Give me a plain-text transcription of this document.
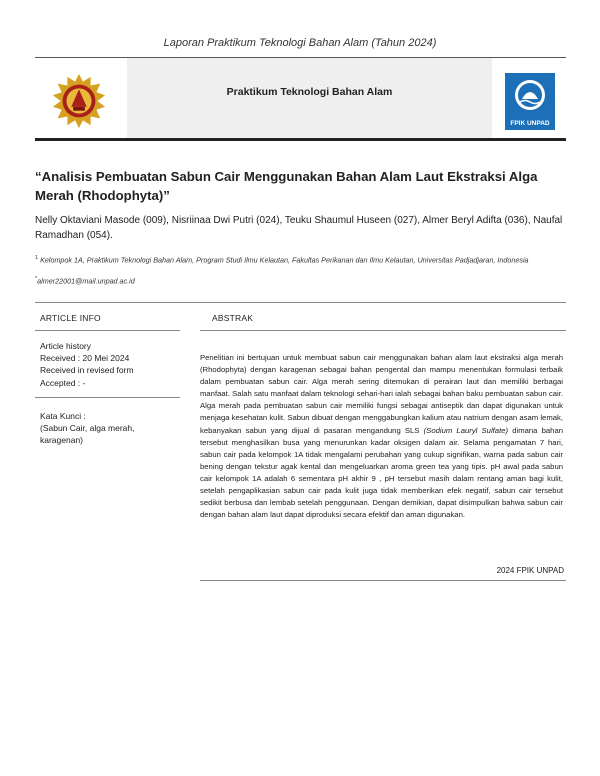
Laporan Praktikum Teknologi Bahan Alam (Tahun 2024)
Praktikum Teknologi Bahan Alam
FPIK UNPAD
“Analisis Pembuatan Sabun Cair Menggunakan Bahan Alam Laut Ekstraksi Alga Merah (Rhodophyta)”
Nelly Oktaviani Masode (009), Nisriinaa Dwi Putri (024), Teuku Shaumul Huseen (027), Almer Beryl Adifta (036), Naufal Ramadhan (054).
$^1$ Kelompok 1A, Praktikum Teknologi Bahan Alam, Program Studi Ilmu Kelautan, Fakultas Perikanan dan Ilmu Kelautan, Universitas Padjadjaran, Indonesia
*almer22001@mail.unpad.ac.id
ARTICLE INFO	ABSTRAK
Article history
Received : 20 Mei 2024
Received in revised form
Accepted : -
Kata Kunci :
(Sabun Cair, alga merah,
karagenan)
Penelitian ini bertujuan untuk membuat sabun cair menggunakan bahan alam laut ekstraksi alga merah (Rhodophyta) dengan karagenan sebagai bahan pengental dan mampu menentukan formulasi terbaik dalam pembuatan sabun cair. Alga merah sering ditemukan di perairan laut dan memiliki berbagai manfaat. Salah satu manfaat dalam teknologi sehari-hari ialah sebagai bahan baku pembuatan sabun cair. Alga merah pada pembuatan sabun cair memiliki fungsi sebagai antiseptik dan dapat digunakan untuk menjaga kesehatan kulit. Sabun dibuat dengan menggabungkan kalium atau natrium dengan asam lemak, kebanyakan sabun yang dijual di pasaran mengandung SLS (Sodium Lauryl Sulfate) dimana bahan tersebut menghasilkan busa yang menurunkan kadar oksigen dalam air. Selama pengamatan 7 hari, sabun cair pada kelompok 1A tidak mengalami perubahan yang cukup signifikan, warna pada sabun cair bening dengan tekstur agak kental dan mengeluarkan aroma green tea yang tipis. pH awal pada sabun cair kelompok 1A adalah 6 sementara pH akhir 9 , pH tersebut masih dalam rentang aman bagi kulit, setelah pengaplikasian sabun cair pada kulit juga tidak memberikan efek negatif, sabun cair tersebut sedikit berbusa dan lembab setelah penggunaan. Dengan demikian, dapat disimpulkan bahwa sabun cair dengan bahan alam laut dapat diproduksi secara efektif dan aman digunakan.
2024 FPIK UNPAD
